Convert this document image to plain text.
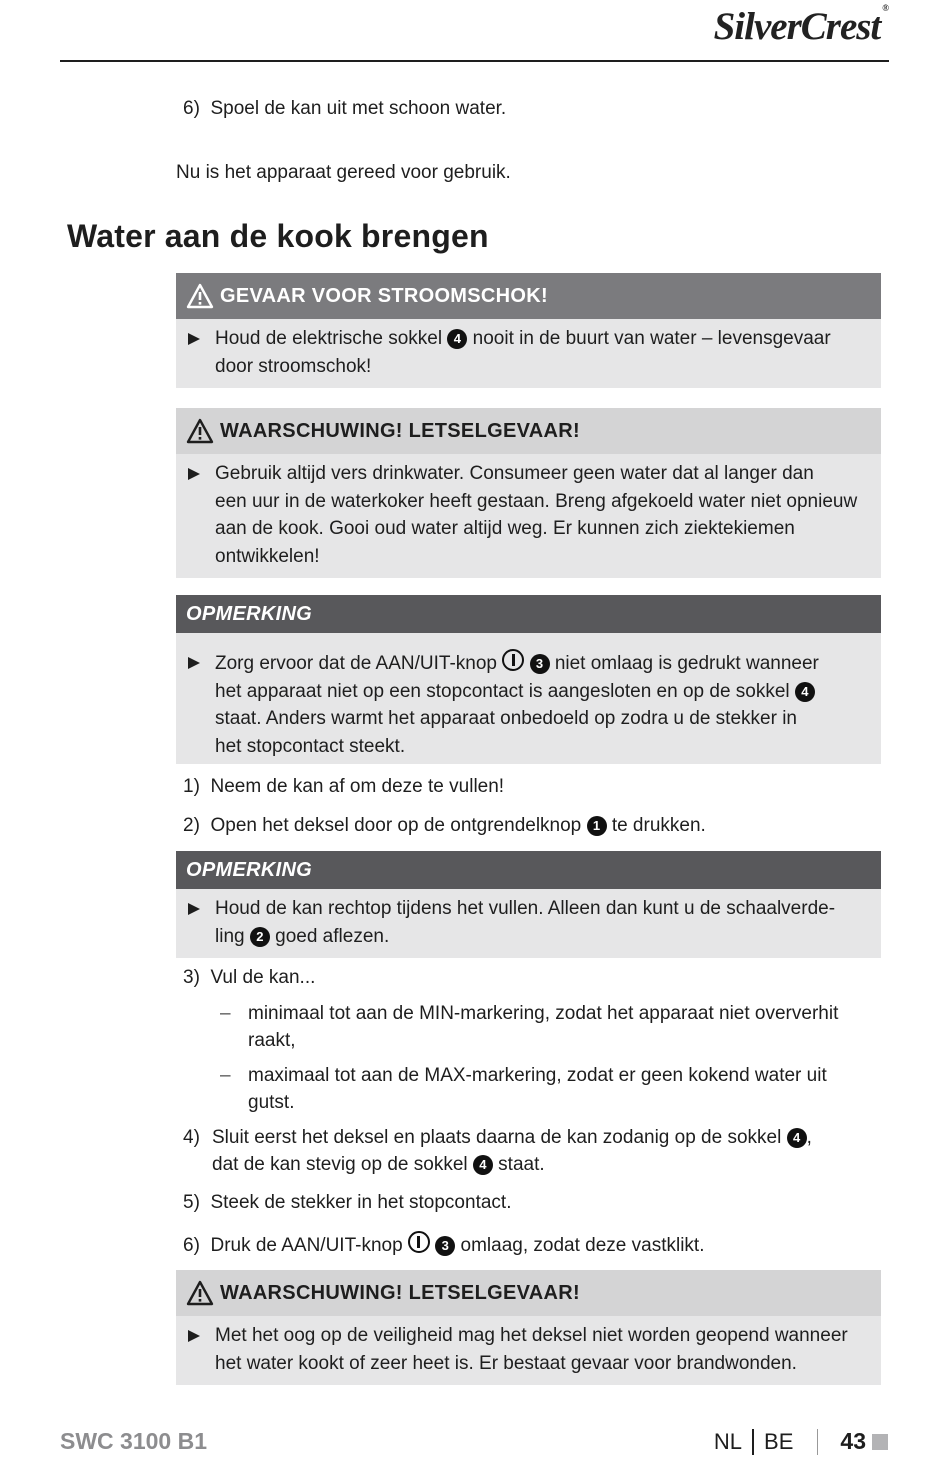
SilverCrest ®
6) Spoel de kan uit met schoon water.
Nu is het apparaat gereed voor gebruik.
Water aan de kook brengen
GEVAAR VOOR STROOMSCHOK!
Houd de elektrische sokkel 4 nooit in de buurt van water – levensgevaar
door stroomschok!
WAARSCHUWING! LETSELGEVAAR!
Gebruik altijd vers drinkwater. Consumeer geen water dat al langer dan
een uur in de waterkoker heeft gestaan. Breng afgekoeld water niet opnieuw
aan de kook. Gooi oud water altijd weg. Er kunnen zich ziektekiemen
ontwikkelen!
OPMERKING
Zorg ervoor dat de AAN/UIT-knop	3 niet omlaag is gedrukt wanneer
het apparaat niet op een stopcontact is aangesloten en op de sokkel 4
staat. Anders warmt het apparaat onbedoeld op zodra u de stekker in
het stopcontact steekt.
1) Neem de kan af om deze te vullen!
2) Open het deksel door op de ontgrendelknop 1 te drukken.
OPMERKING
Houd de kan rechtop tijdens het vullen. Alleen dan kunt u de schaalverde-
ling 2 goed aflezen.
3) Vul de kan...
– minimaal tot aan de MIN-markering, zodat het apparaat niet oververhit
raakt,
– maximaal tot aan de MAX-markering, zodat er geen kokend water uit
gutst.
4) Sluit eerst het deksel en plaats daarna de kan zodanig op de sokkel 4 ,
dat de kan stevig op de sokkel 4 staat.
5) Steek de stekker in het stopcontact.
6) Druk de AAN/UIT-knop	3 omlaag, zodat deze vastklikt.
WAARSCHUWING! LETSELGEVAAR!
Met het oog op de veiligheid mag het deksel niet worden geopend wanneer
het water kookt of zeer heet is. Er bestaat gevaar voor brandwonden.
SWC 3100 B1	NL BE 43
